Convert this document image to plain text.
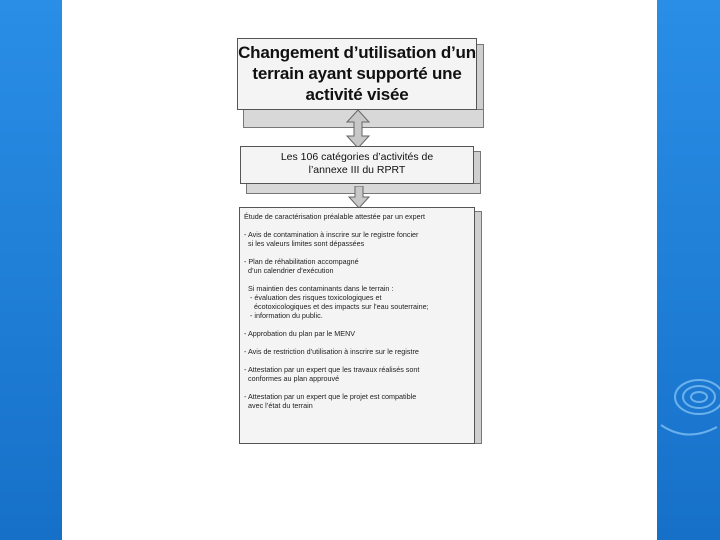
Changement d’utilisation d’un
terrain ayant supporté une
activité visée
Les 106 catégories d’activités de
l’annexe III du RPRT
Étude de caractérisation préalable attestée par un expert

- Avis de contamination à inscrire sur le registre foncier
si les valeurs limites sont dépassées

- Plan de réhabilitation accompagné
d’un calendrier d’exécution

Si maintien des contaminants dans le terrain :
- évaluation des risques toxicologiques et
écotoxicologiques et des impacts sur l’eau souterraine;
- information du public.

- Approbation du plan par le MENV

- Avis de restriction d’utilisation à inscrire sur le registre

- Attestation par un expert que les travaux réalisés sont
conformes au plan approuvé

- Attestation par un expert que le projet est compatible
avec l’état du terrain
